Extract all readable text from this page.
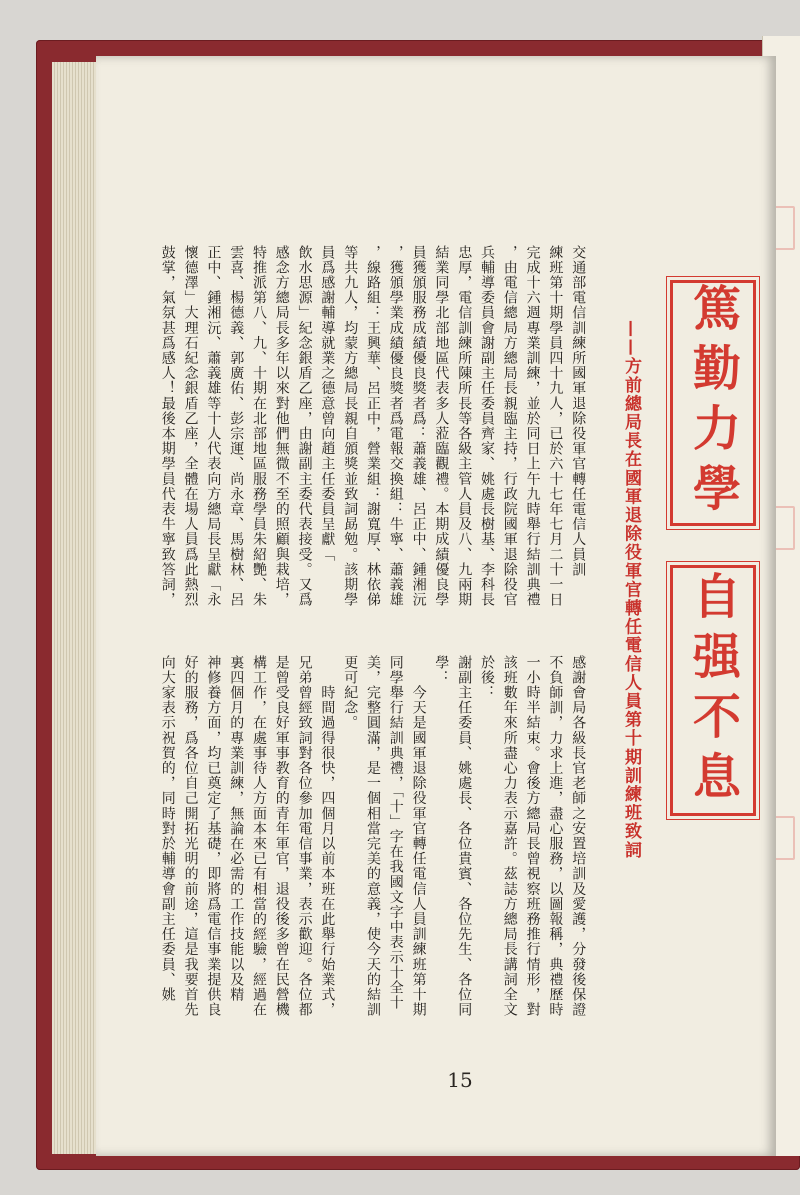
篤勤力學
自强不息
——方前總局長在國軍退除役軍官轉任電信人員第十期訓練班致詞
交通部電信訓練所國軍退除役軍官轉任電信人員訓
練班第十期學員四十九人，已於六十七年七月二十一日
完成十六週專業訓練，並於同日上午九時舉行結訓典禮
，由電信總局方總局長親臨主持，行政院國軍退除役官
兵輔導委員會謝副主任委員齊家、姚處長樹基、李科長
忠厚，電信訓練所陳所長等各級主管人員及八、九兩期
結業同學北部地區代表多人蒞臨觀禮。本期成績優良學
員獲頒服務成績優良獎者爲：蕭義雄、呂正中、鍾湘沅
，獲頒學業成績優良獎者爲電報交換組：牛寧、蕭義雄
，線路組：王興華、呂正中，營業組：謝寬厚、林依俤
等共九人，均蒙方總局長親自頒獎並致詞勗勉。該期學
員爲感謝輔導就業之德意曾向趙主任委員呈獻「
飲水思源」紀念銀盾乙座，由謝副主委代表接受。又爲
感念方總局長多年以來對他們無微不至的照顧與栽培，
特推派第八、九、十期在北部地區服務學員朱紹艷、朱
雲喜、楊德義、郭廣佑、彭宗運、尚永章、馬樹林、呂
正中、鍾湘沅、蕭義雄等十人代表向方總局長呈獻「永
懷德澤」大理石紀念銀盾乙座，全體在場人員爲此熱烈
鼓掌，氣氛甚爲感人！最後本期學員代表牛寧致答詞，
感謝會局各級長官老師之安置培訓及愛護，分發後保證
不負師訓，力求上進，盡心服務，以圖報稱，典禮歷時
一小時半結束。會後方總局長曾視察班務推行情形，對
該班數年來所盡心力表示嘉許。茲誌方總局長講詞全文
於後：
謝副主任委員、姚處長、各位貴賓、各位先生、各位同
學：
　　今天是國軍退除役軍官轉任電信人員訓練班第十期
同學舉行結訓典禮，「十」字在我國文字中表示十全十
美，完整圓滿，是一個相當完美的意義，使今天的結訓
更可紀念。
　　時間過得很快，四個月以前本班在此舉行始業式，
兄弟曾經致詞對各位參加電信事業，表示歡迎。各位都
是曾受良好軍事教育的青年軍官，退役後多曾在民營機
構工作，在處事待人方面本來已有相當的經驗，經過在
裏四個月的專業訓練，無論在必需的工作技能以及精
神修養方面，均已奠定了基礎，即將爲電信事業提供良
好的服務，爲各位自己開拓光明的前途，這是我要首先
向大家表示祝賀的，同時對於輔導會副主任委員、姚
15
